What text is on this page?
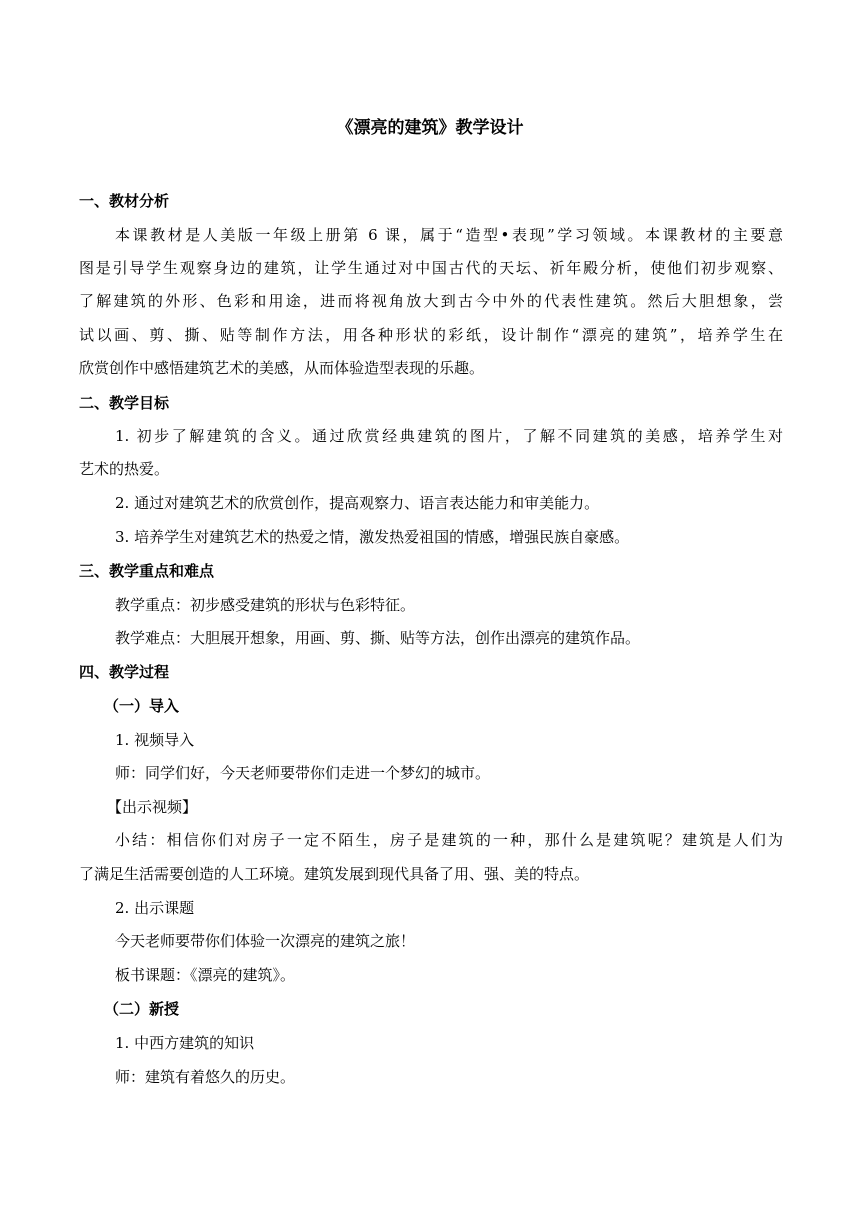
《漂亮的建筑》教学设计
一、教材分析
本课教材是人美版一年级上册第 6 课，属于“造型•表现”学习领域。本课教材的主要意
图是引导学生观察身边的建筑，让学生通过对中国古代的天坛、祈年殿分析，使他们初步观察、
了解建筑的外形、色彩和用途，进而将视角放大到古今中外的代表性建筑。然后大胆想象，尝
试以画、剪、撕、贴等制作方法，用各种形状的彩纸，设计制作“漂亮的建筑”，培养学生在
欣赏创作中感悟建筑艺术的美感，从而体验造型表现的乐趣。
二、教学目标
1. 初步了解建筑的含义。通过欣赏经典建筑的图片，了解不同建筑的美感，培养学生对
艺术的热爱。
2. 通过对建筑艺术的欣赏创作，提高观察力、语言表达能力和审美能力。
3. 培养学生对建筑艺术的热爱之情，激发热爱祖国的情感，增强民族自豪感。
三、教学重点和难点
教学重点：初步感受建筑的形状与色彩特征。
教学难点：大胆展开想象，用画、剪、撕、贴等方法，创作出漂亮的建筑作品。
四、教学过程
（一）导入
1. 视频导入
师：同学们好，今天老师要带你们走进一个梦幻的城市。
【出示视频】
小结：相信你们对房子一定不陌生，房子是建筑的一种，那什么是建筑呢？建筑是人们为
了满足生活需要创造的人工环境。建筑发展到现代具备了用、强、美的特点。
2. 出示课题
今天老师要带你们体验一次漂亮的建筑之旅！
板书课题：《漂亮的建筑》。
（二）新授
1. 中西方建筑的知识
师：建筑有着悠久的历史。
